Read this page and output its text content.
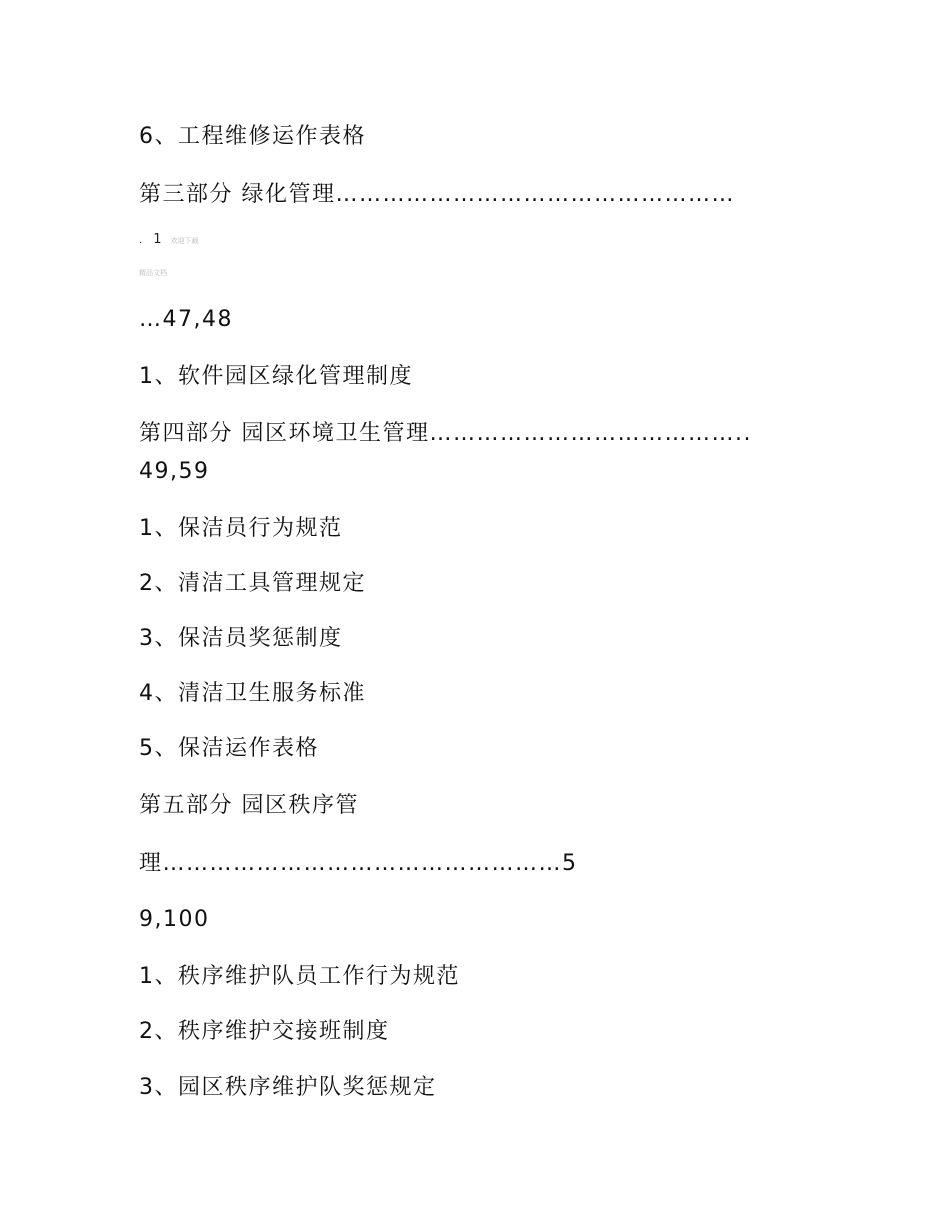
6、工程维修运作表格
第三部分 绿化管理……………………………………………
. 1 欢迎下载
精品文档
…47,48
1、软件园区绿化管理制度
第四部分 园区环境卫生管理…………………………………..
49,59
1、保洁员行为规范
2、清洁工具管理规定
3、保洁员奖惩制度
4、清洁卫生服务标准
5、保洁运作表格
第五部分 园区秩序管
理……………………………………………5
9,100
1、秩序维护队员工作行为规范
2、秩序维护交接班制度
3、园区秩序维护队奖惩规定
